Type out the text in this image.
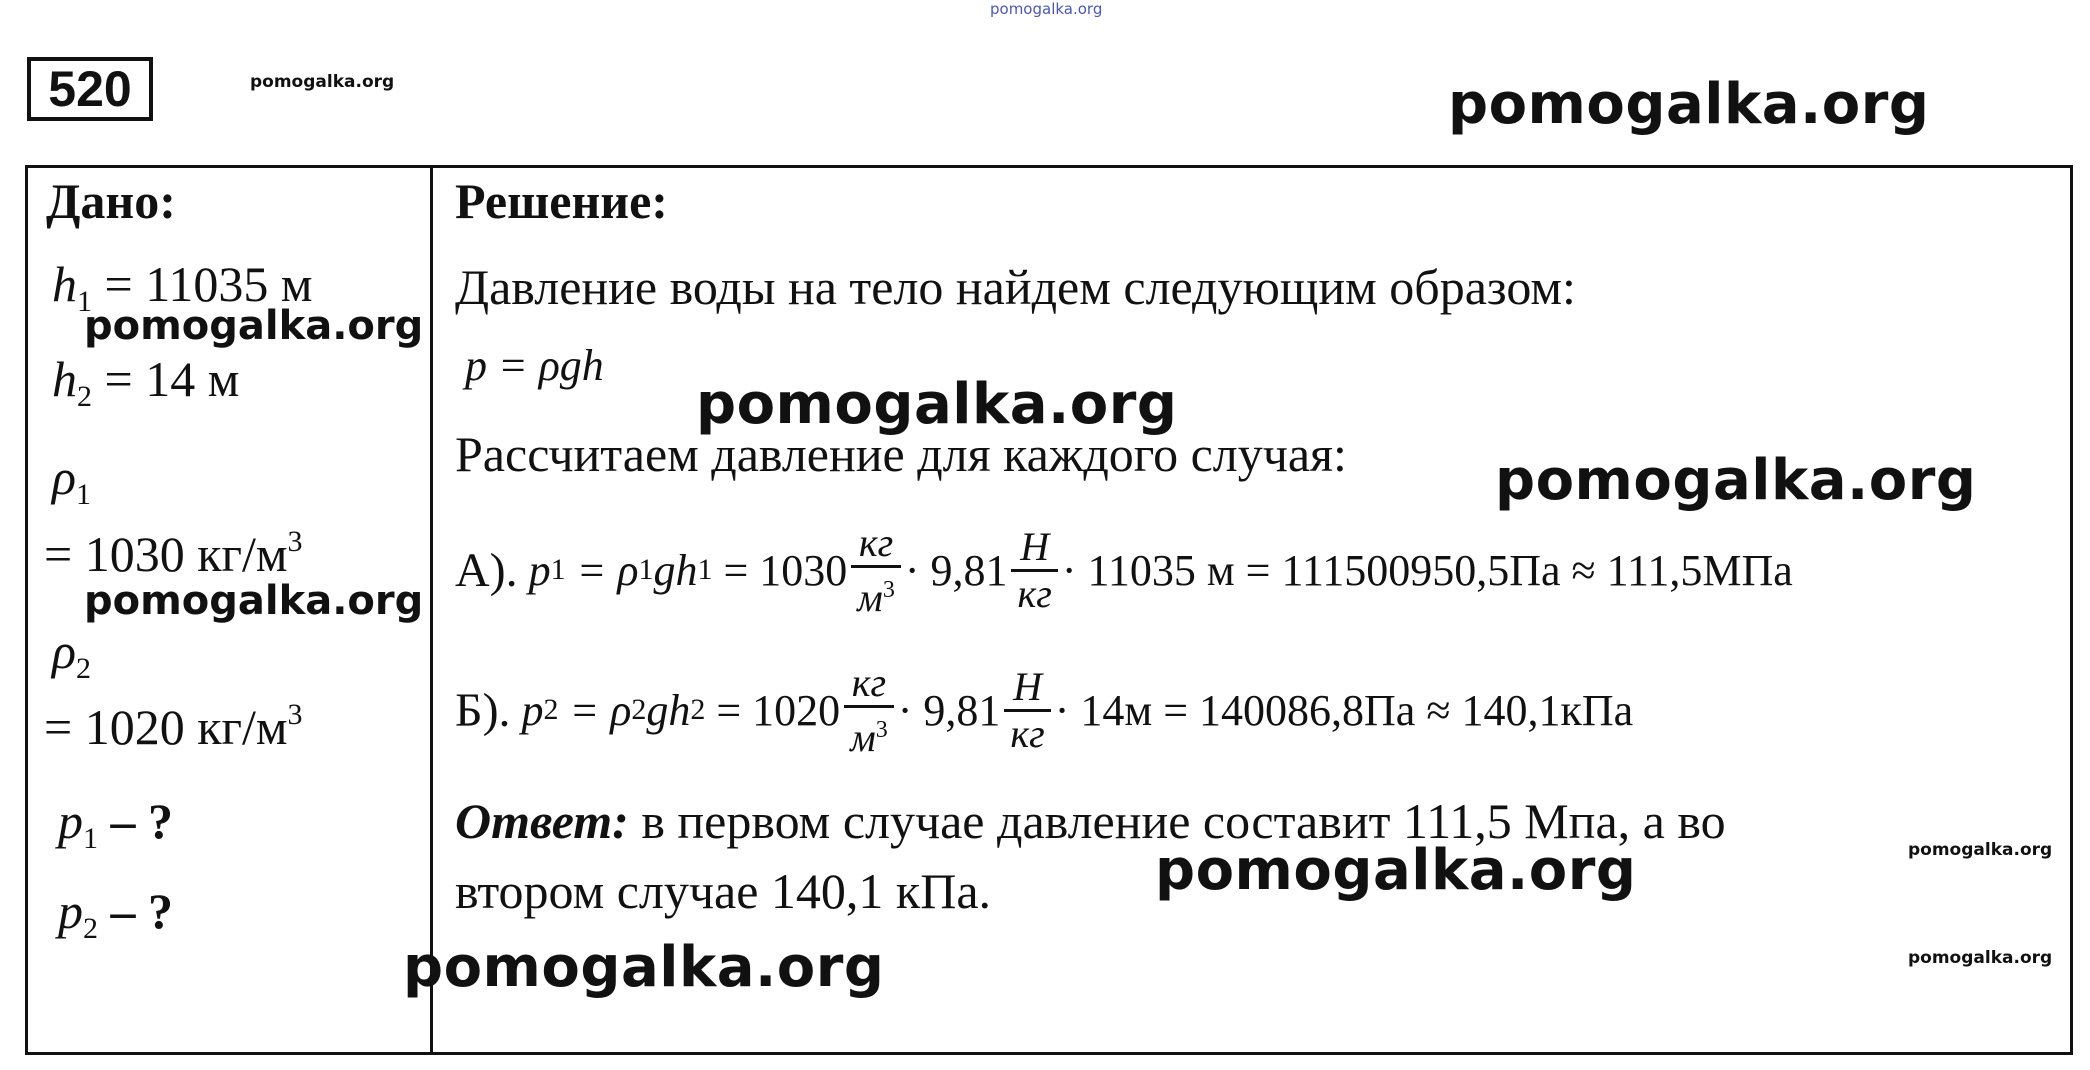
pomogalka.org
pomogalka.org	pomogalka.org
520
Дано:
$h_1 = 11035$ м
pomogalka.org
$h_2 = 14$ м
$\rho_1$
= 1030 $кг/м^3$
pomogalka.org
$\rho_2$
= 1020 $кг/м^3$
$p_1$ – ?
$p_2$ – ?
Решение:
Давление воды на тело найдем следующим образом:
p = ρgh
pomogalka.org
Рассчитаем давление для каждого случая:	pomogalka.org
А).
p 1
= ρ 1 gh 1
= $1030 \frac{кг}{м^3} \cdot 9,81 \frac{Н}{кг} \cdot 11035$ м = 111500950,5Па ≈ 111,5МПа
Б).
p 2
= ρ 2 gh 2
= $1020 \frac{кг}{м^3} \cdot 9,81 \frac{Н}{кг} \cdot 14м = 140086,8Па \approx 140,1кПа$
Ответ: в первом случае давление составит 111,5 Мпа, а во
pomogalka.org
втором случае 140,1 кПа.	pomogalka.org
pomogalka.org	pomogalka.org
